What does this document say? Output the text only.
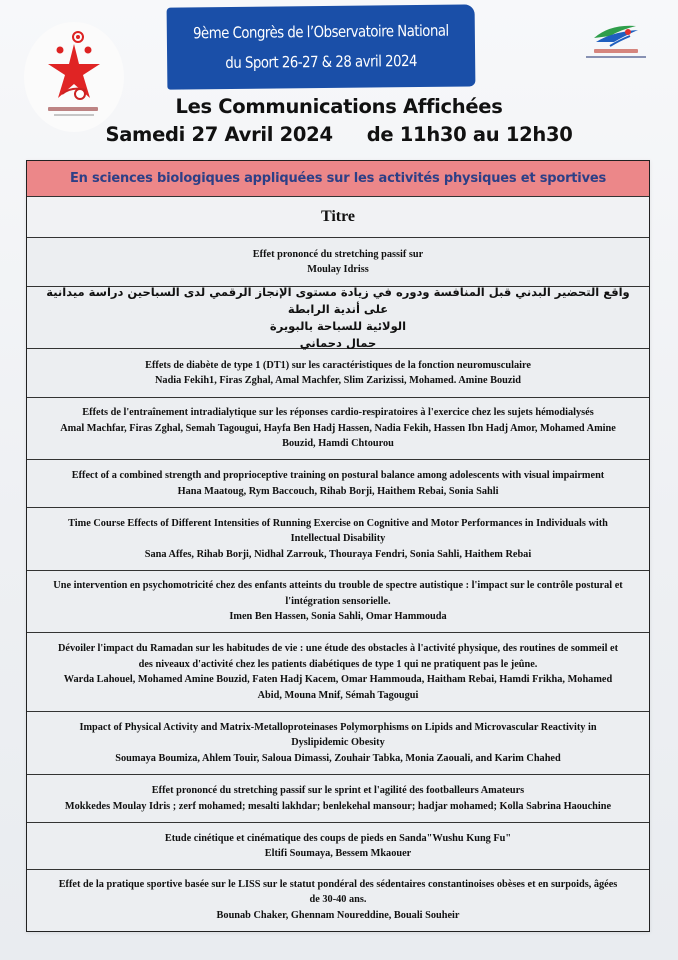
9ème Congrès de l’Observatoire National
du Sport 26-27 & 28 avril 2024
Les Communications Affichées
Samedi 27 Avril 2024 de 11h30 au 12h30
En sciences biologiques appliquées sur les activités physiques et sportives
Titre
Effet prononcé du stretching passif sur
Moulay Idriss
واقع التحضير البدني قبل المنافسة ودوره في زيادة مستوى الإنجاز الرقمي لدى السباحين دراسة ميدانية على أندية الرابطة
الولائية للسباحة بالبويرة
جمال دحماني
Effets de diabète de type 1 (DT1) sur les caractéristiques de la fonction neuromusculaire
Nadia Fekih1, Firas Zghal, Amal Machfer, Slim Zarizissi, Mohamed. Amine Bouzid
Effets de l'entraînement intradialytique sur les réponses cardio-respiratoires à l'exercice chez les sujets hémodialysés
Amal Machfar, Firas Zghal, Semah Tagougui, Hayfa Ben Hadj Hassen, Nadia Fekih, Hassen Ibn Hadj Amor, Mohamed Amine
Bouzid, Hamdi Chtourou
Effect of a combined strength and proprioceptive training on postural balance among adolescents with visual impairment
Hana Maatoug, Rym Baccouch, Rihab Borji, Haithem Rebai, Sonia Sahli
Time Course Effects of Different Intensities of Running Exercise on Cognitive and Motor Performances in Individuals with
Intellectual Disability
Sana Affes, Rihab Borji, Nidhal Zarrouk, Thouraya Fendri, Sonia Sahli, Haithem Rebai
Une intervention en psychomotricité chez des enfants atteints du trouble de spectre autistique : l'impact sur le contrôle postural et
l'intégration sensorielle.
Imen Ben Hassen, Sonia Sahli, Omar Hammouda
Dévoiler l'impact du Ramadan sur les habitudes de vie : une étude des obstacles à l'activité physique, des routines de sommeil et
des niveaux d'activité chez les patients diabétiques de type 1 qui ne pratiquent pas le jeûne.
Warda Lahouel, Mohamed Amine Bouzid, Faten Hadj Kacem, Omar Hammouda, Haitham Rebai, Hamdi Frikha, Mohamed
Abid, Mouna Mnif, Sémah Tagougui
Impact of Physical Activity and Matrix-Metalloproteinases Polymorphisms on Lipids and Microvascular Reactivity in
Dyslipidemic Obesity
Soumaya Boumiza, Ahlem Touir, Saloua Dimassi, Zouhair Tabka, Monia Zaouali, and Karim Chahed
Effet prononcé du stretching passif sur le sprint et l'agilité des footballeurs Amateurs
Mokkedes Moulay Idris ; zerf mohamed; mesalti lakhdar; benlekehal mansour; hadjar mohamed; Kolla Sabrina Haouchine
Etude cinétique et cinématique des coups de pieds en Sanda"Wushu Kung Fu"
Eltifi Soumaya, Bessem Mkaouer
Effet de la pratique sportive basée sur le LISS sur le statut pondéral des sédentaires constantinoises obèses et en surpoids, âgées
de 30-40 ans.
Bounab Chaker, Ghennam Noureddine, Bouali Souheir
